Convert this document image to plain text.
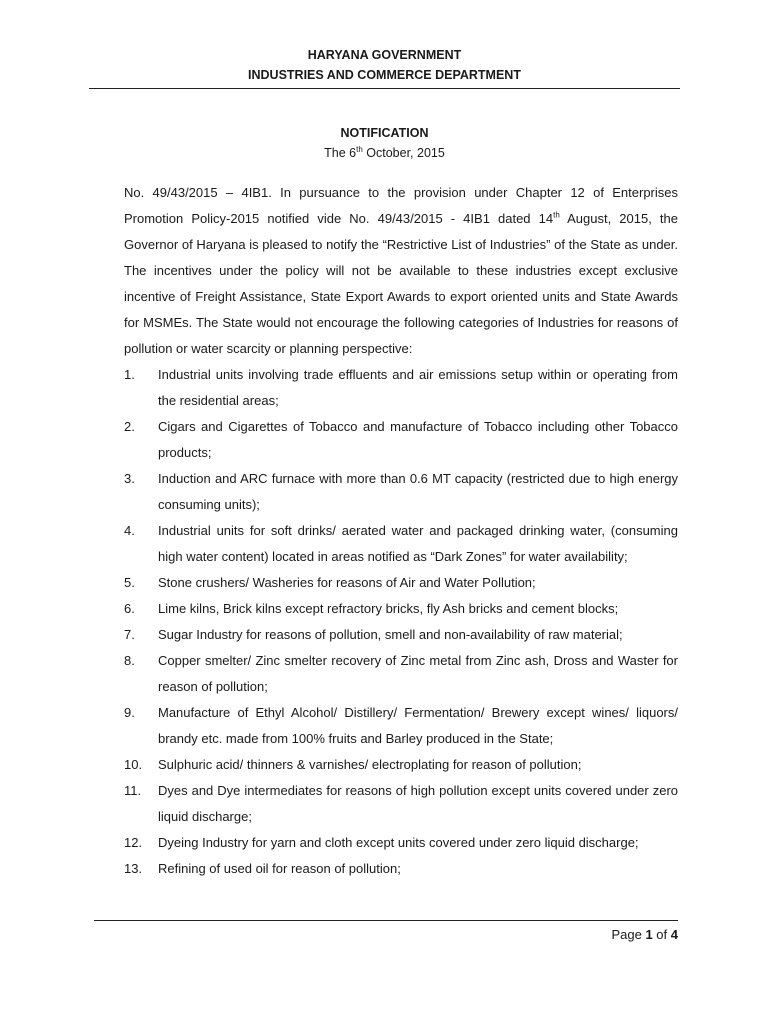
HARYANA GOVERNMENT
INDUSTRIES AND COMMERCE DEPARTMENT
NOTIFICATION
The 6th October, 2015

No. 49/43/2015 – 4IB1. In pursuance to the provision under Chapter 12 of Enterprises Promotion Policy-2015 notified vide No. 49/43/2015 - 4IB1 dated 14th August, 2015, the Governor of Haryana is pleased to notify the “Restrictive List of Industries” of the State as under. The incentives under the policy will not be available to these industries except exclusive incentive of Freight Assistance, State Export Awards to export oriented units and State Awards for MSMEs. The State would not encourage the following categories of Industries for reasons of pollution or water scarcity or planning perspective:

1. Industrial units involving trade effluents and air emissions setup within or operating from the residential areas;
2. Cigars and Cigarettes of Tobacco and manufacture of Tobacco including other Tobacco products;
3. Induction and ARC furnace with more than 0.6 MT capacity (restricted due to high energy consuming units);
4. Industrial units for soft drinks/ aerated water and packaged drinking water, (consuming high water content) located in areas notified as “Dark Zones” for water availability;
5. Stone crushers/ Washeries for reasons of Air and Water Pollution;
6. Lime kilns, Brick kilns except refractory bricks, fly Ash bricks and cement blocks;
7. Sugar Industry for reasons of pollution, smell and non-availability of raw material;
8. Copper smelter/ Zinc smelter recovery of Zinc metal from Zinc ash, Dross and Waster for reason of pollution;
9. Manufacture of Ethyl Alcohol/ Distillery/ Fermentation/ Brewery except wines/ liquors/ brandy etc. made from 100% fruits and Barley produced in the State;
10. Sulphuric acid/ thinners & varnishes/ electroplating for reason of pollution;
11. Dyes and Dye intermediates for reasons of high pollution except units covered under zero liquid discharge;
12. Dyeing Industry for yarn and cloth except units covered under zero liquid discharge;
13. Refining of used oil for reason of pollution;
Page 1 of 4
